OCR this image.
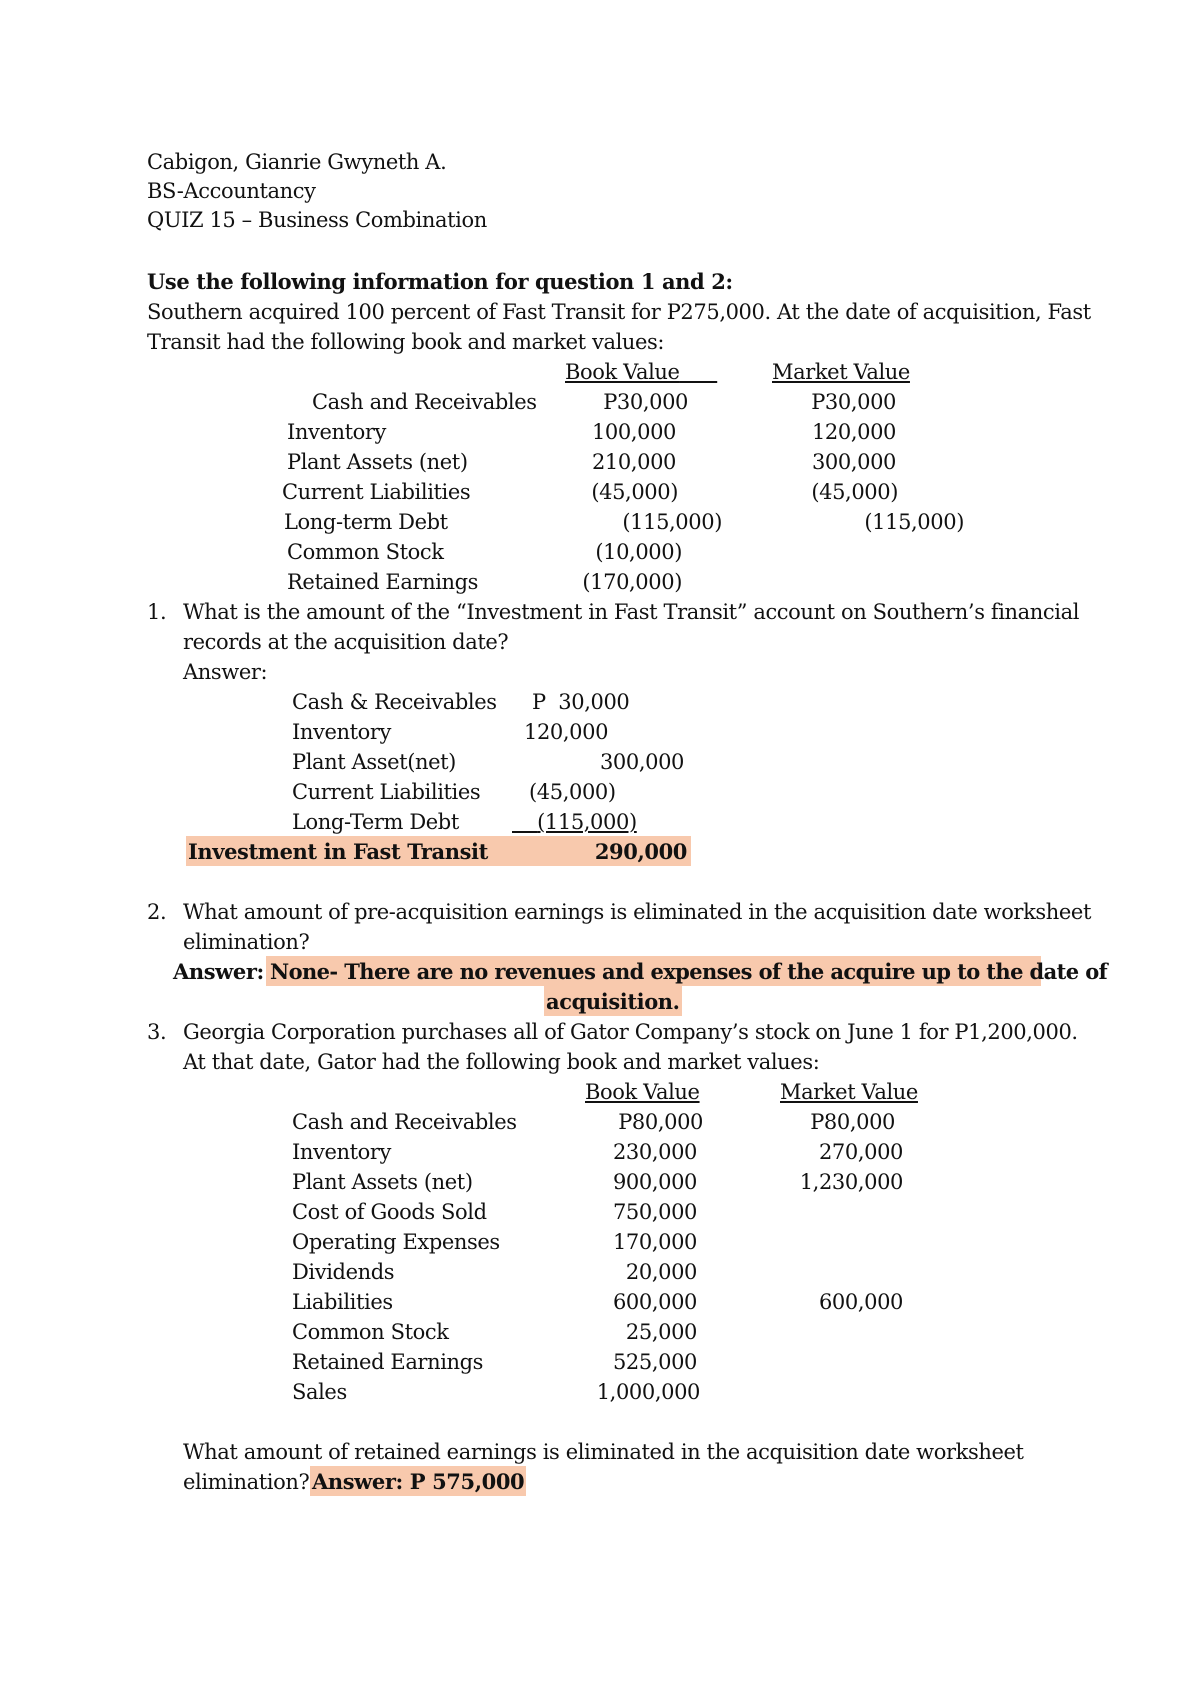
Cabigon, Gianrie Gwyneth A.
BS-Accountancy
QUIZ 15 – Business Combination
Use the following information for question 1 and 2:
Southern acquired 100 percent of Fast Transit for P275,000. At the date of acquisition, Fast
Transit had the following book and market values:
Book Value	Market Value
Cash and Receivables	P30,000	P30,000
Inventory	100,000	120,000
Plant Assets (net)	210,000	300,000
Current Liabilities	(45,000)	(45,000)
Long-term Debt	(115,000)	(115,000)
Common Stock	(10,000)
Retained Earnings	(170,000)
1. What is the amount of the “Investment in Fast Transit” account on Southern’s financial
records at the acquisition date?
Answer:
Cash & Receivables P  30,000
Inventory	120,000
Plant Asset(net)	300,000
Current Liabilities (45,000)
Long-Term Debt	(115,000)
Investment in Fast Transit	290,000
2. What amount of pre-acquisition earnings is eliminated in the acquisition date worksheet
elimination?
Answer: None- There are no revenues and expenses of the acquire up to the date of
acquisition.
3. Georgia Corporation purchases all of Gator Company’s stock on June 1 for P1,200,000.
At that date, Gator had the following book and market values:
Book Value	Market Value
Cash and Receivables	P80,000	P80,000
Inventory	230,000	270,000
Plant Assets (net)	900,000	1,230,000
Cost of Goods Sold	750,000
Operating Expenses	170,000
Dividends	20,000
Liabilities	600,000	600,000
Common Stock	25,000
Retained Earnings	525,000
Sales	1,000,000
What amount of retained earnings is eliminated in the acquisition date worksheet
elimination? Answer: P 575,000
